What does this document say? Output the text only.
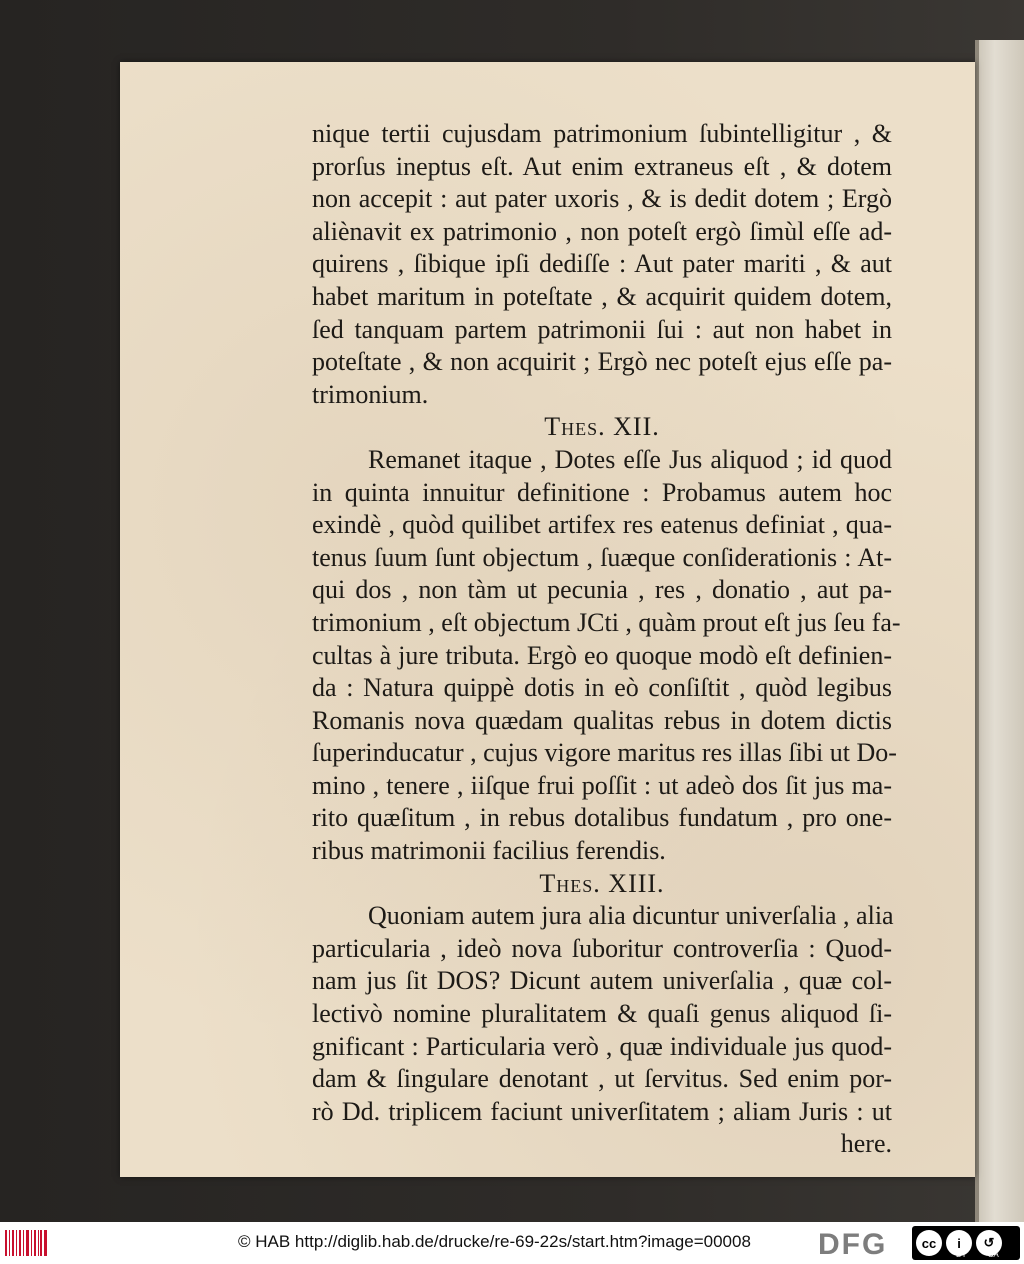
nique tertii cujusdam patrimonium ſubintelligitur , &
prorſus ineptus eſt. Aut enim extraneus eſt , & dotem
non accepit : aut pater uxoris , & is dedit dotem ; Ergò
aliènavit ex patrimonio , non poteſt ergò ſimùl eſſe ad-
quirens , ſibique ipſi dediſſe : Aut pater mariti , & aut
habet maritum in poteſtate , & acquirit quidem dotem,
ſed tanquam partem patrimonii ſui : aut non habet in
poteſtate , & non acquirit ; Ergò nec poteſt ejus eſſe pa-
trimonium.
Thes. XII.
Remanet itaque , Dotes eſſe Jus aliquod ; id quod
in quinta innuitur definitione : Probamus autem hoc
exindè , quòd quilibet artifex res eatenus definiat , qua-
tenus ſuum ſunt objectum , ſuæque conſiderationis : At-
qui dos , non tàm ut pecunia , res , donatio , aut pa-
trimonium , eſt objectum JCti , quàm prout eſt jus ſeu fa-
cultas à jure tributa. Ergò eo quoque modò eſt definien-
da : Natura quippè dotis in eò conſiſtit , quòd legibus
Romanis nova quædam qualitas rebus in dotem dictis
ſuperinducatur , cujus vigore maritus res illas ſibi ut Do-
mino , tenere , iiſque frui poſſit : ut adeò dos ſit jus ma-
rito quæſitum , in rebus dotalibus fundatum , pro one-
ribus matrimonii facilius ferendis.
Thes. XIII.
Quoniam autem jura alia dicuntur univerſalia , alia
particularia , ideò nova ſuboritur controverſia : Quod-
nam jus ſit DOS? Dicunt autem univerſalia , quæ col-
lectivò nomine pluralitatem & quaſi genus aliquod ſi-
gnificant : Particularia verò , quæ individuale jus quod-
dam & ſingulare denotant , ut ſervitus. Sed enim por-
rò Dd. triplicem faciunt univerſitatem ; aliam Juris : ut
here.
© HAB http://diglib.hab.de/drucke/re-69-22s/start.htm?image=00008 DFG	cc	i	↺
BY	SA
